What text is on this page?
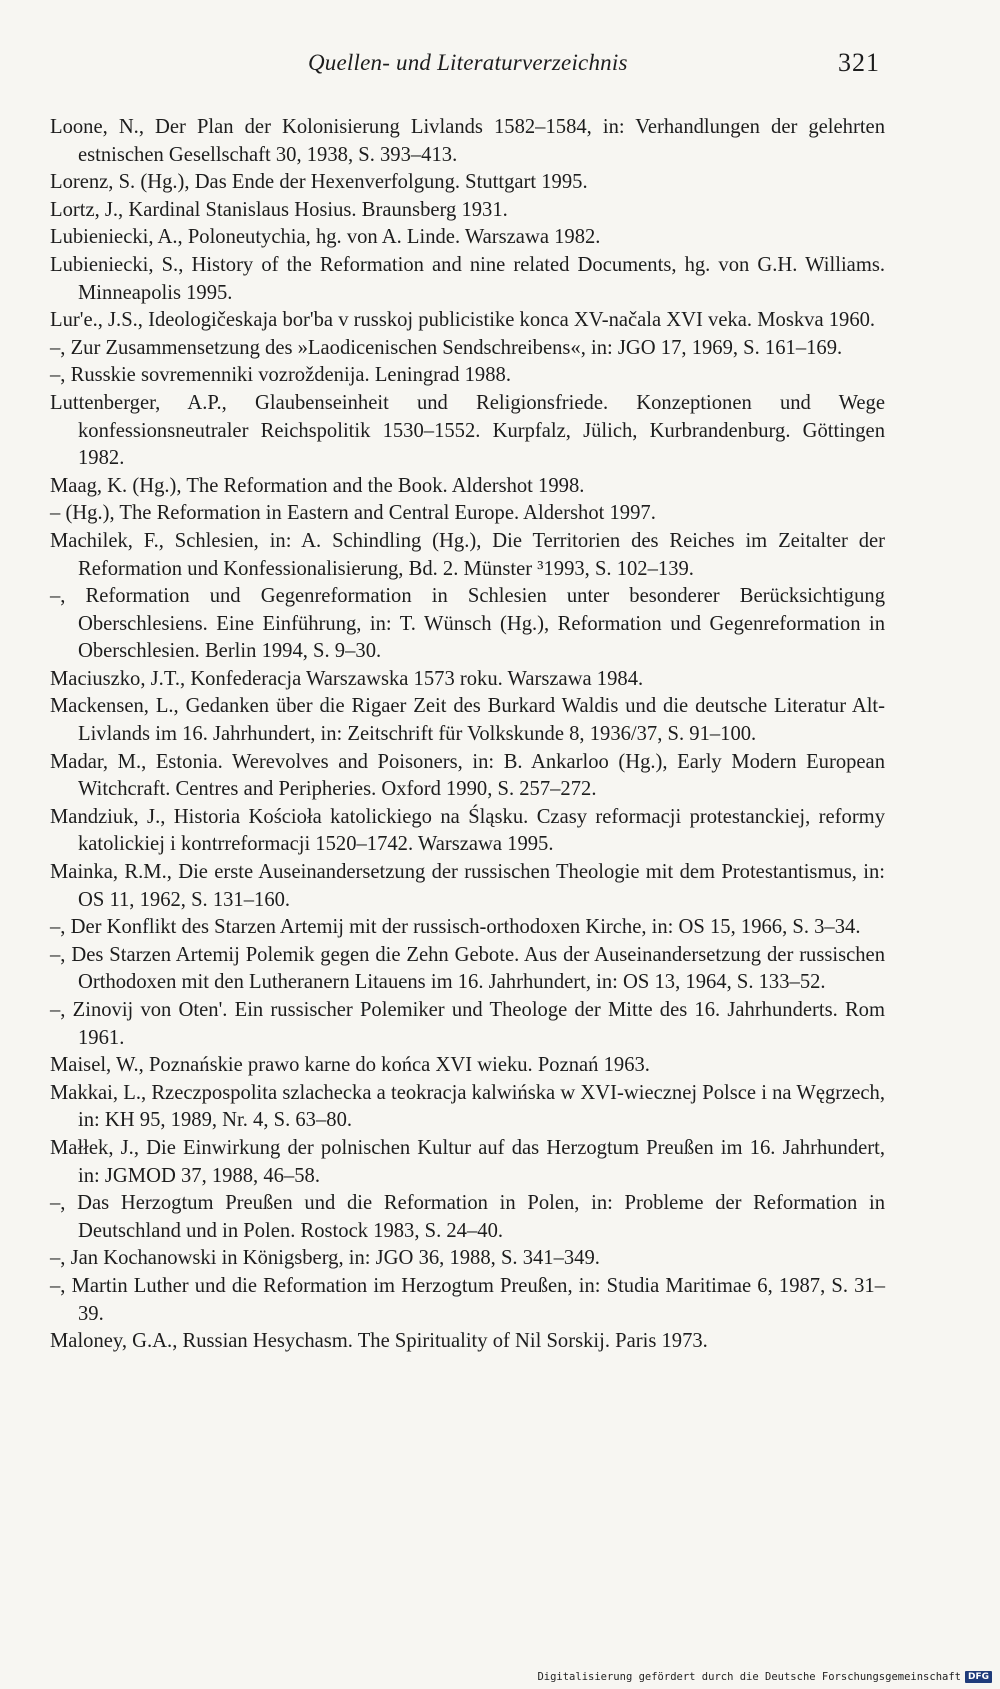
Quellen- und Literaturverzeichnis	321
Loone, N., Der Plan der Kolonisierung Livlands 1582–1584, in: Verhandlungen der gelehrten estnischen Gesellschaft 30, 1938, S. 393–413.
Lorenz, S. (Hg.), Das Ende der Hexenverfolgung. Stuttgart 1995.
Lortz, J., Kardinal Stanislaus Hosius. Braunsberg 1931.
Lubieniecki, A., Poloneutychia, hg. von A. Linde. Warszawa 1982.
Lubieniecki, S., History of the Reformation and nine related Documents, hg. von G.H. Williams. Minneapolis 1995.
Lur'e., J.S., Ideologičeskaja bor'ba v russkoj publicistike konca XV-načala XVI veka. Moskva 1960.
–, Zur Zusammensetzung des »Laodicenischen Sendschreibens«, in: JGO 17, 1969, S. 161–169.
–, Russkie sovremenniki vozroždenija. Leningrad 1988.
Luttenberger, A.P., Glaubenseinheit und Religionsfriede. Konzeptionen und Wege konfessionsneutraler Reichspolitik 1530–1552. Kurpfalz, Jülich, Kurbrandenburg. Göttingen 1982.
Maag, K. (Hg.), The Reformation and the Book. Aldershot 1998.
– (Hg.), The Reformation in Eastern and Central Europe. Aldershot 1997.
Machilek, F., Schlesien, in: A. Schindling (Hg.), Die Territorien des Reiches im Zeitalter der Reformation und Konfessionalisierung, Bd. 2. Münster ³1993, S. 102–139.
–, Reformation und Gegenreformation in Schlesien unter besonderer Berücksichtigung Oberschlesiens. Eine Einführung, in: T. Wünsch (Hg.), Reformation und Gegenreformation in Oberschlesien. Berlin 1994, S. 9–30.
Maciuszko, J.T., Konfederacja Warszawska 1573 roku. Warszawa 1984.
Mackensen, L., Gedanken über die Rigaer Zeit des Burkard Waldis und die deutsche Literatur Alt-Livlands im 16. Jahrhundert, in: Zeitschrift für Volkskunde 8, 1936/37, S. 91–100.
Madar, M., Estonia. Werevolves and Poisoners, in: B. Ankarloo (Hg.), Early Modern European Witchcraft. Centres and Peripheries. Oxford 1990, S. 257–272.
Mandziuk, J., Historia Kościoła katolickiego na Śląsku. Czasy reformacji protestanckiej, reformy katolickiej i kontrreformacji 1520–1742. Warszawa 1995.
Mainka, R.M., Die erste Auseinandersetzung der russischen Theologie mit dem Protestantismus, in: OS 11, 1962, S. 131–160.
–, Der Konflikt des Starzen Artemij mit der russisch-orthodoxen Kirche, in: OS 15, 1966, S. 3–34.
–, Des Starzen Artemij Polemik gegen die Zehn Gebote. Aus der Auseinandersetzung der russischen Orthodoxen mit den Lutheranern Litauens im 16. Jahrhundert, in: OS 13, 1964, S. 133–52.
–, Zinovij von Oten'. Ein russischer Polemiker und Theologe der Mitte des 16. Jahrhunderts. Rom 1961.
Maisel, W., Poznańskie prawo karne do końca XVI wieku. Poznań 1963.
Makkai, L., Rzeczpospolita szlachecka a teokracja kalwińska w XVI-wiecznej Polsce i na Węgrzech, in: KH 95, 1989, Nr. 4, S. 63–80.
Małłek, J., Die Einwirkung der polnischen Kultur auf das Herzogtum Preußen im 16. Jahrhundert, in: JGMOD 37, 1988, 46–58.
–, Das Herzogtum Preußen und die Reformation in Polen, in: Probleme der Reformation in Deutschland und in Polen. Rostock 1983, S. 24–40.
–, Jan Kochanowski in Königsberg, in: JGO 36, 1988, S. 341–349.
–, Martin Luther und die Reformation im Herzogtum Preußen, in: Studia Maritimae 6, 1987, S. 31–39.
Maloney, G.A., Russian Hesychasm. The Spirituality of Nil Sorskij. Paris 1973.
Digitalisierung gefördert durch die Deutsche Forschungsgemeinschaft DFG
